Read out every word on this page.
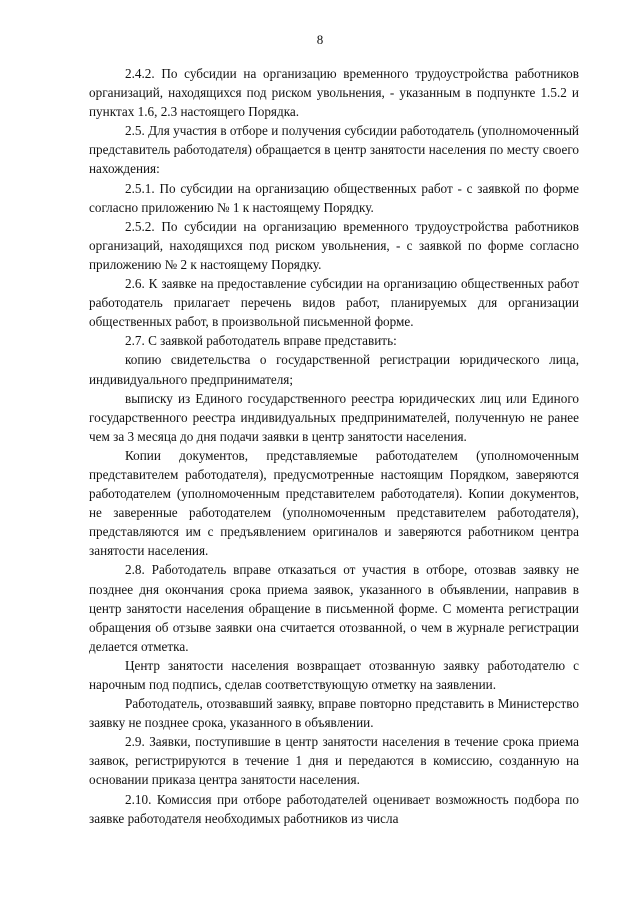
8

2.4.2. По субсидии на организацию временного трудоустройства работников организаций, находящихся под риском увольнения, - указанным в подпункте 1.5.2 и пунктах 1.6, 2.3 настоящего Порядка.

2.5. Для участия в отборе и получения субсидии работодатель (уполномоченный представитель работодателя) обращается в центр занятости населения по месту своего нахождения:

2.5.1. По субсидии на организацию общественных работ - с заявкой по форме согласно приложению № 1 к настоящему Порядку.

2.5.2. По субсидии на организацию временного трудоустройства работников организаций, находящихся под риском увольнения, - с заявкой по форме согласно приложению № 2 к настоящему Порядку.

2.6. К заявке на предоставление субсидии на организацию общественных работ работодатель прилагает перечень видов работ, планируемых для организации общественных работ, в произвольной письменной форме.

2.7. С заявкой работодатель вправе представить:

копию свидетельства о государственной регистрации юридического лица, индивидуального предпринимателя;

выписку из Единого государственного реестра юридических лиц или Единого государственного реестра индивидуальных предпринимателей, полученную не ранее чем за 3 месяца до дня подачи заявки в центр занятости населения.

Копии документов, представляемые работодателем (уполномоченным представителем работодателя), предусмотренные настоящим Порядком, заверяются работодателем (уполномоченным представителем работодателя). Копии документов, не заверенные работодателем (уполномоченным представителем работодателя), представляются им с предъявлением оригиналов и заверяются работником центра занятости населения.

2.8. Работодатель вправе отказаться от участия в отборе, отозвав заявку не позднее дня окончания срока приема заявок, указанного в объявлении, направив в центр занятости населения обращение в письменной форме. С момента регистрации обращения об отзыве заявки она считается отозванной, о чем в журнале регистрации делается отметка.

Центр занятости населения возвращает отозванную заявку работодателю с нарочным под подпись, сделав соответствующую отметку на заявлении.

Работодатель, отозвавший заявку, вправе повторно представить в Министерство заявку не позднее срока, указанного в объявлении.

2.9. Заявки, поступившие в центр занятости населения в течение срока приема заявок, регистрируются в течение 1 дня и передаются в комиссию, созданную на основании приказа центра занятости населения.

2.10. Комиссия при отборе работодателей оценивает возможность подбора по заявке работодателя необходимых работников из числа
